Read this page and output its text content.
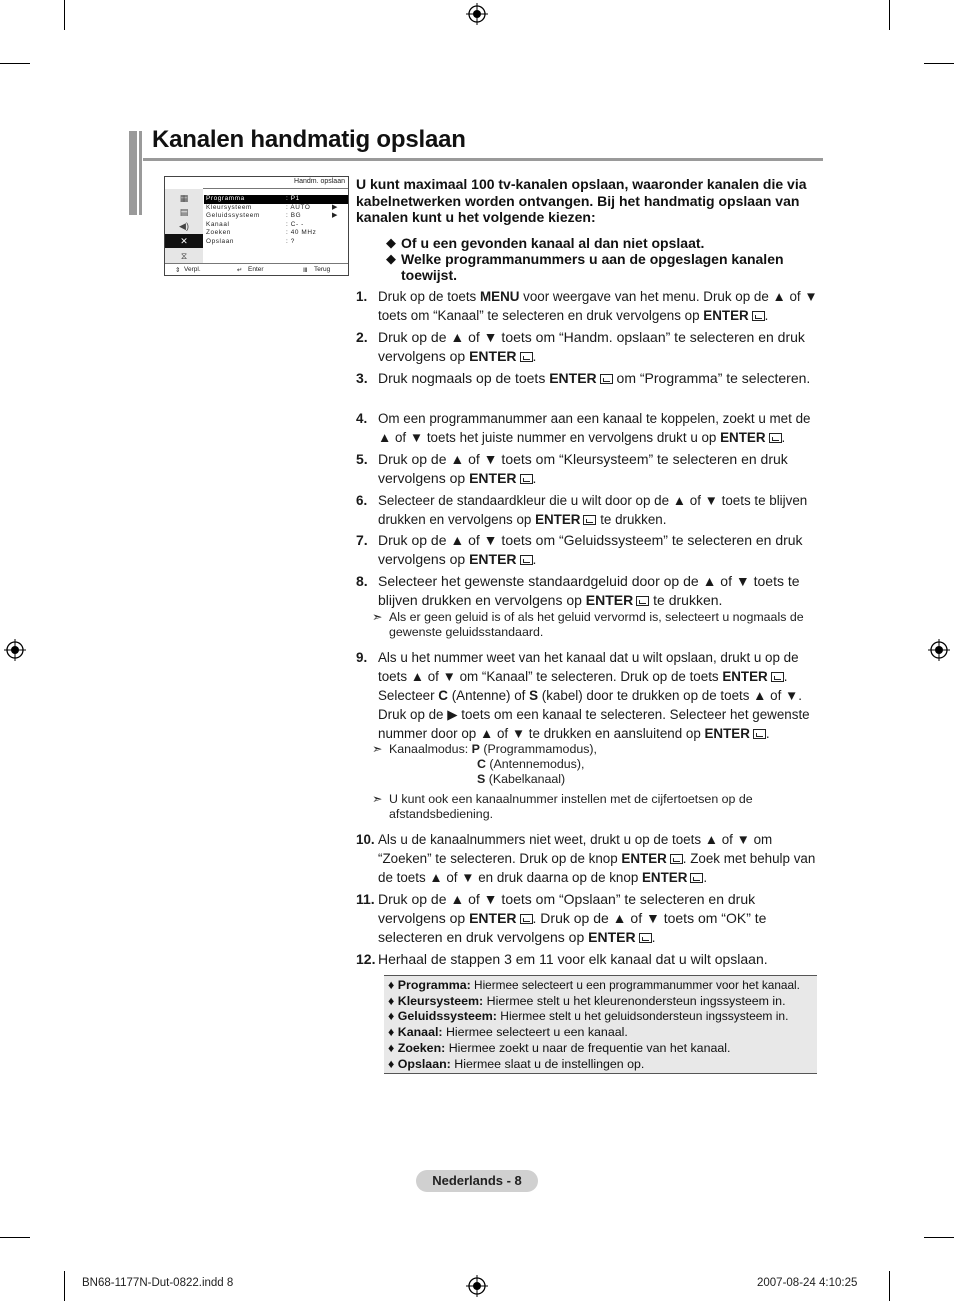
Kanalen handmatig opslaan
Handm. opslaan
▦
▤
◀)
✕
⧖
Programma	: P1
Kleursysteem	: AUTO	▶
Geluidssysteem	: BG	▶
Kanaal	: C- -
Zoeken	: 40 MHz
Opslaan	: ?
⇕ Verpl.	↵ Enter	Ⅲ Terug
U kunt maximaal 100 tv-kanalen opslaan, waaronder kanalen die via kabelnetwerken worden ontvangen. Bij het handmatig opslaan van kanalen kunt u het volgende kiezen:
◆ Of u een gevonden kanaal al dan niet opslaat.
◆ Welke programmanummers u aan de opgeslagen kanalen toewijst.
1. Druk op de toets MENU voor weergave van het menu. Druk op de ▲ of ▼ toets om “Kanaal” te selecteren en druk vervolgens op ENTER .
2. Druk op de ▲ of ▼ toets om “Handm. opslaan” te selecteren en druk vervolgens op ENTER .
3. Druk nogmaals op de toets ENTER om “Programma” te selecteren.
4. Om een programmanummer aan een kanaal te koppelen, zoekt u met de ▲ of ▼ toets het juiste nummer en vervolgens drukt u op ENTER .
5. Druk op de ▲ of ▼ toets om “Kleursysteem” te selecteren en druk vervolgens op ENTER .
6. Selecteer de standaardkleur die u wilt door op de ▲ of ▼ toets te blijven drukken en vervolgens op ENTER te drukken.
7. Druk op de ▲ of ▼ toets om “Geluidssysteem” te selecteren en druk vervolgens op ENTER .
8. Selecteer het gewenste standaardgeluid door op de ▲ of ▼ toets te blijven drukken en vervolgens op ENTER te drukken.
➣ Als er geen geluid is of als het geluid vervormd is, selecteert u nogmaals de gewenste geluidsstandaard.
9. Als u het nummer weet van het kanaal dat u wilt opslaan, drukt u op de toets ▲ of ▼ om “Kanaal” te selecteren. Druk op de toets ENTER . Selecteer C (Antenne) of S (kabel) door te drukken op de toets ▲ of ▼. Druk op de ▶ toets om een kanaal te selecteren. Selecteer het gewenste nummer door op ▲ of ▼ te drukken en aansluitend op ENTER .
➣ Kanaalmodus: P (Programmamodus),
C (Antennemodus),
S (Kabelkanaal)
➣ U kunt ook een kanaalnummer instellen met de cijfertoetsen op de afstandsbediening.
10. Als u de kanaalnummers niet weet, drukt u op de toets ▲ of ▼ om “Zoeken” te selecteren. Druk op de knop ENTER . Zoek met behulp van de toets ▲ of ▼ en druk daarna op de knop ENTER .
11. Druk op de ▲ of ▼ toets om “Opslaan” te selecteren en druk vervolgens op ENTER . Druk op de ▲ of ▼ toets om “OK” te selecteren en druk vervolgens op ENTER .
12. Herhaal de stappen 3 em 11 voor elk kanaal dat u wilt opslaan.
♦ Programma: Hiermee selecteert u een programmanummer voor het kanaal.
♦ Kleursysteem: Hiermee stelt u het kleurenondersteun ingssysteem in.
♦ Geluidssysteem: Hiermee stelt u het geluidsondersteun ingssysteem in.
♦ Kanaal: Hiermee selecteert u een kanaal.
♦ Zoeken: Hiermee zoekt u naar de frequentie van het kanaal.
♦ Opslaan: Hiermee slaat u de instellingen op.
Nederlands - 8
BN68-1177N-Dut-0822.indd 8	2007-08-24 4:10:25
